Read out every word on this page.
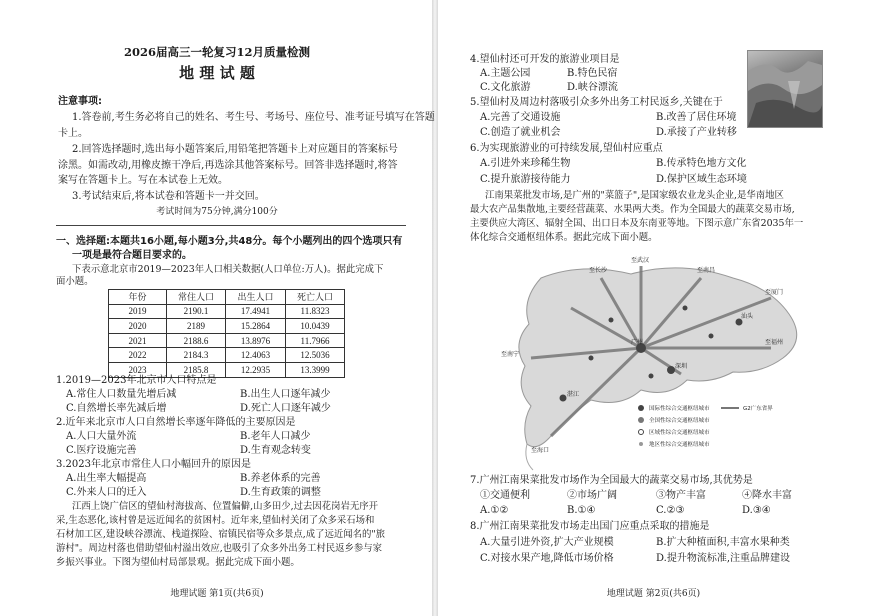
2026届高三一轮复习12月质量检测
地 理 试 题
注意事项:
1.答卷前,考生务必将自己的姓名、考生号、考场号、座位号、准考证号填写在答题
卡上。
2.回答选择题时,选出每小题答案后,用铅笔把答题卡上对应题目的答案标号
涂黑。如需改动,用橡皮擦干净后,再选涂其他答案标号。回答非选择题时,将答
案写在答题卡上。写在本试卷上无效。
3.考试结束后,将本试卷和答题卡一并交回。
考试时间为75分钟,满分100分
一、选择题:本题共16小题,每小题3分,共48分。每个小题列出的四个选项只有
一项是最符合题目要求的。
下表示意北京市2019—2023年人口相关数据(人口单位:万人)。据此完成下
面小题。
年份	常住人口	出生人口	死亡人口
2019	2190.1	17.4941	11.8323
2020	2189	15.2864	10.0439
2021	2188.6	13.8976	11.7966
2022	2184.3	12.4063	12.5036
2023	2185.8	12.2935	13.3999
1.2019—2023年北京市人口特点是
A.常住人口数量先增后减	B.出生人口逐年减少
C.自然增长率先减后增	D.死亡人口逐年减少
2.近年来北京市人口自然增长率逐年降低的主要原因是
A.人口大量外流	B.老年人口减少
C.医疗设施完善	D.生育观念转变
3.2023年北京市常住人口小幅回升的原因是
A.出生率大幅提高	B.养老体系的完善
C.外来人口的迁入	D.生育政策的调整
江西上饶广信区的望仙村海拔高、位置偏僻,山多田少,过去因花岗岩无序开
采,生态恶化,该村曾是远近闻名的贫困村。近年来,望仙村关闭了众多采石场和
石材加工区,建设峡谷漂流、栈道探险、宿镇民宿等众多景点,成了远近闻名的"旅
游村"。周边村落也借助望仙村溢出效应,也吸引了众多外出务工村民返乡参与家
乡振兴事业。下图为望仙村局部景观。据此完成下面小题。
地理试题 第1页(共6页)
4.望仙村还可开发的旅游业项目是
A.主题公园	B.特色民宿
C.文化旅游	D.峡谷漂流
5.望仙村及周边村落吸引众多外出务工村民返乡,关键在于
A.完善了交通设施	B.改善了居住环境
C.创造了就业机会	D.承接了产业转移
6.为实现旅游业的可持续发展,望仙村应重点
A.引进外来珍稀生物	B.传承特色地方文化
C.提升旅游接待能力	D.保护区域生态环境
江南果菜批发市场,是广州的"菜篮子",是国家级农业龙头企业,是华南地区
最大农产品集散地,主要经营蔬菜、水果两大类。作为全国最大的蔬菜交易市场,
主要供应大湾区、辐射全国、出口日本及东南亚等地。下图示意广东省2035年一
体化综合交通枢纽体系。据此完成下面小题。
7.广州江南果菜批发市场作为全国最大的蔬菜交易市场,其优势是
①交通便利	②市场广阔	③物产丰富	④降水丰富
A.①②	B.①④	C.②③	D.③④
8.广州江南果菜批发市场走出国门应重点采取的措施是
A.大量引进外资,扩大产业规模	B.扩大种植面积,丰富水果种类
C.对接水果产地,降低市场价格	D.提升物流标准,注重品牌建设
地理试题 第2页(共6页)
至长沙
至武汉
至南昌
至厦门
至福州
至南宁
至海口
广州
深圳
汕头
湛江
国际性综合交通枢纽城市
全国性综合交通枢纽城市
区域性综合交通枢纽城市
地区性综合交通枢纽城市
G2广东省界
